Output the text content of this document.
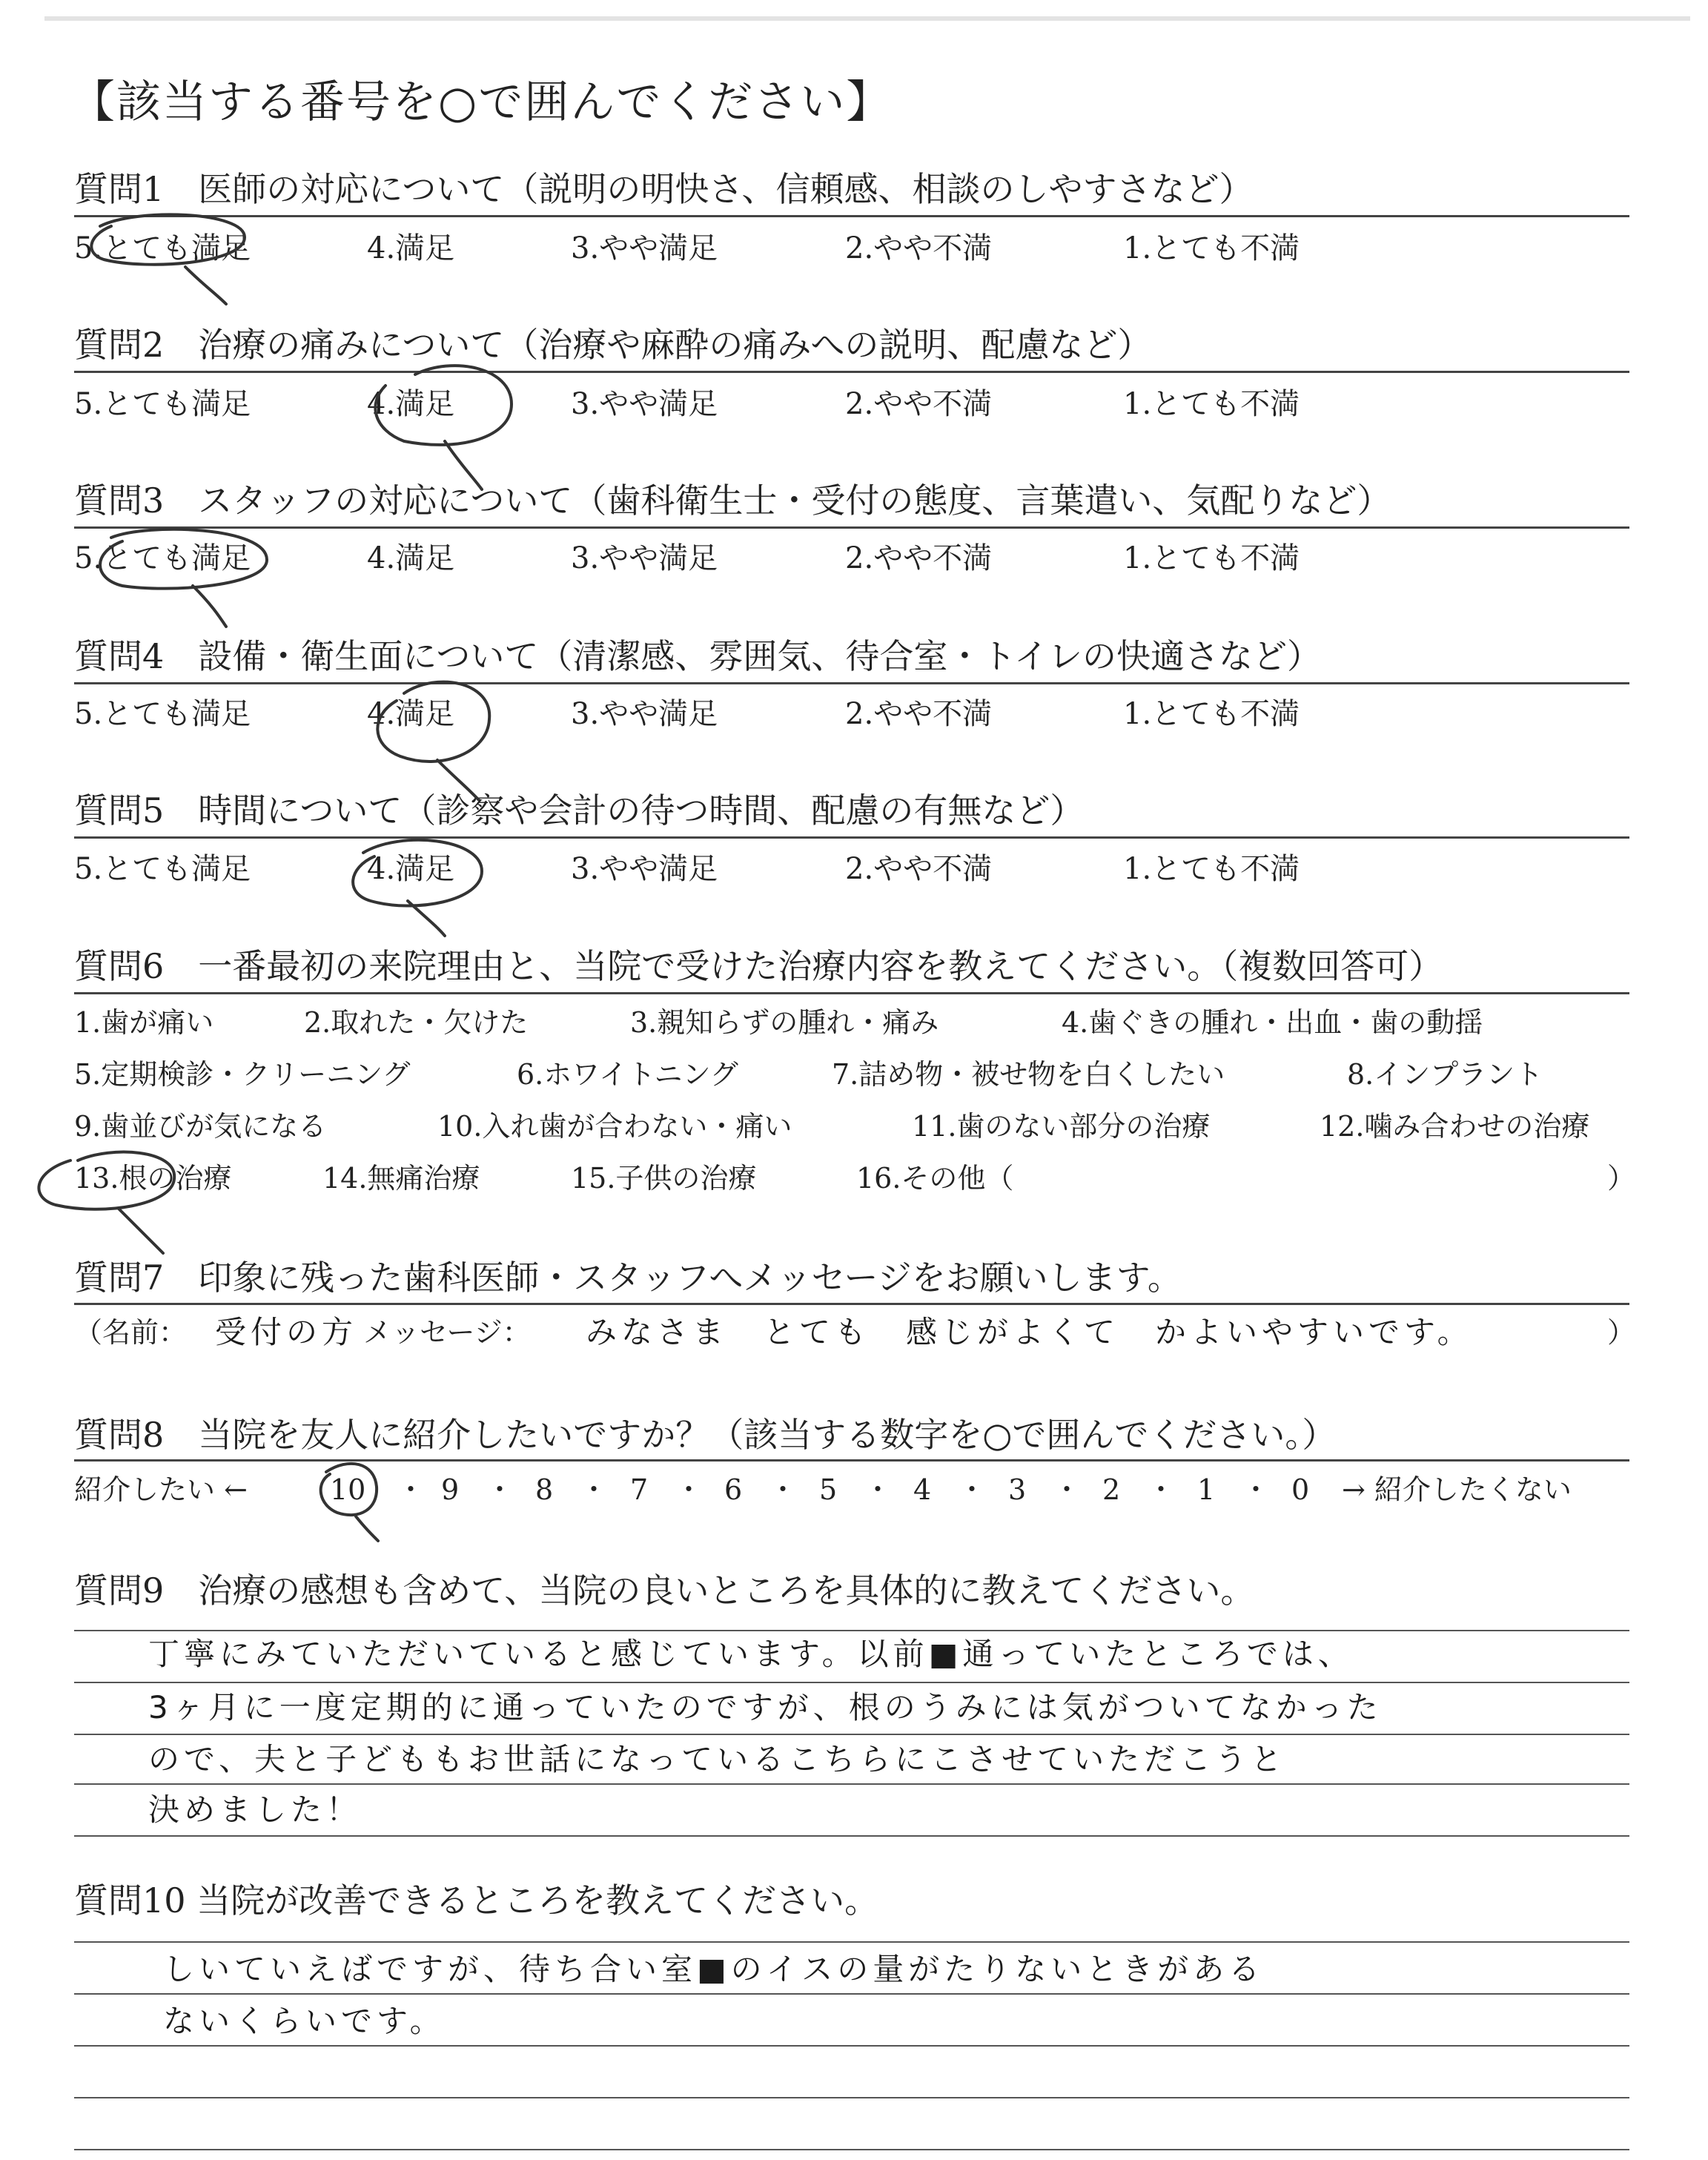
【該当する番号を○で囲んでください】
質問1　医師の対応について（説明の明快さ、信頼感、相談のしやすさなど）
5.とても満足	4.満足	3.やや満足	2.やや不満	1.とても不満
質問2　治療の痛みについて（治療や麻酔の痛みへの説明、配慮など）
5.とても満足	4.満足	3.やや満足	2.やや不満	1.とても不満
質問3　スタッフの対応について（歯科衛生士・受付の態度、言葉遣い、気配りなど）
5.とても満足	4.満足	3.やや満足	2.やや不満	1.とても不満
質問4　設備・衛生面について（清潔感、雰囲気、待合室・トイレの快適さなど）
5.とても満足	4.満足	3.やや満足	2.やや不満	1.とても不満
質問5　時間について（診察や会計の待つ時間、配慮の有無など）
5.とても満足	4.満足	3.やや満足	2.やや不満	1.とても不満
質問6　一番最初の来院理由と、当院で受けた治療内容を教えてください。（複数回答可）
1.歯が痛い	2.取れた・欠けた	3.親知らずの腫れ・痛み	4.歯ぐきの腫れ・出血・歯の動揺
5.定期検診・クリーニング	6.ホワイトニング	7.詰め物・被せ物を白くしたい	8.インプラント
9.歯並びが気になる	10.入れ歯が合わない・痛い	11.歯のない部分の治療	12.噛み合わせの治療
13.根の治療	14.無痛治療	15.子供の治療	16.その他（	）
質問7　印象に残った歯科医師・スタッフへメッセージをお願いします。
（名前： 受付の方 メッセージ： みなさま　とても　感じがよくて　かよいやすいです。	）
質問8　当院を友人に紹介したいですか？（該当する数字を○で囲んでください。）
紹介したい ←	10 ・ 9 ・ 8 ・ 7 ・ 6 ・ 5 ・ 4 ・ 3 ・ 2 ・ 1 ・ 0 → 紹介したくない
質問9　治療の感想も含めて、当院の良いところを具体的に教えてください。
丁寧にみていただいていると感じています。以前■通っていたところでは、
3ヶ月に一度定期的に通っていたのですが、根のうみには気がついてなかった
ので、夫と子どももお世話になっているこちらにこさせていただこうと
決めました！
質問10 当院が改善できるところを教えてください。
しいていえばですが、待ち合い室■のイスの量がたりないときがある
ないくらいです。
